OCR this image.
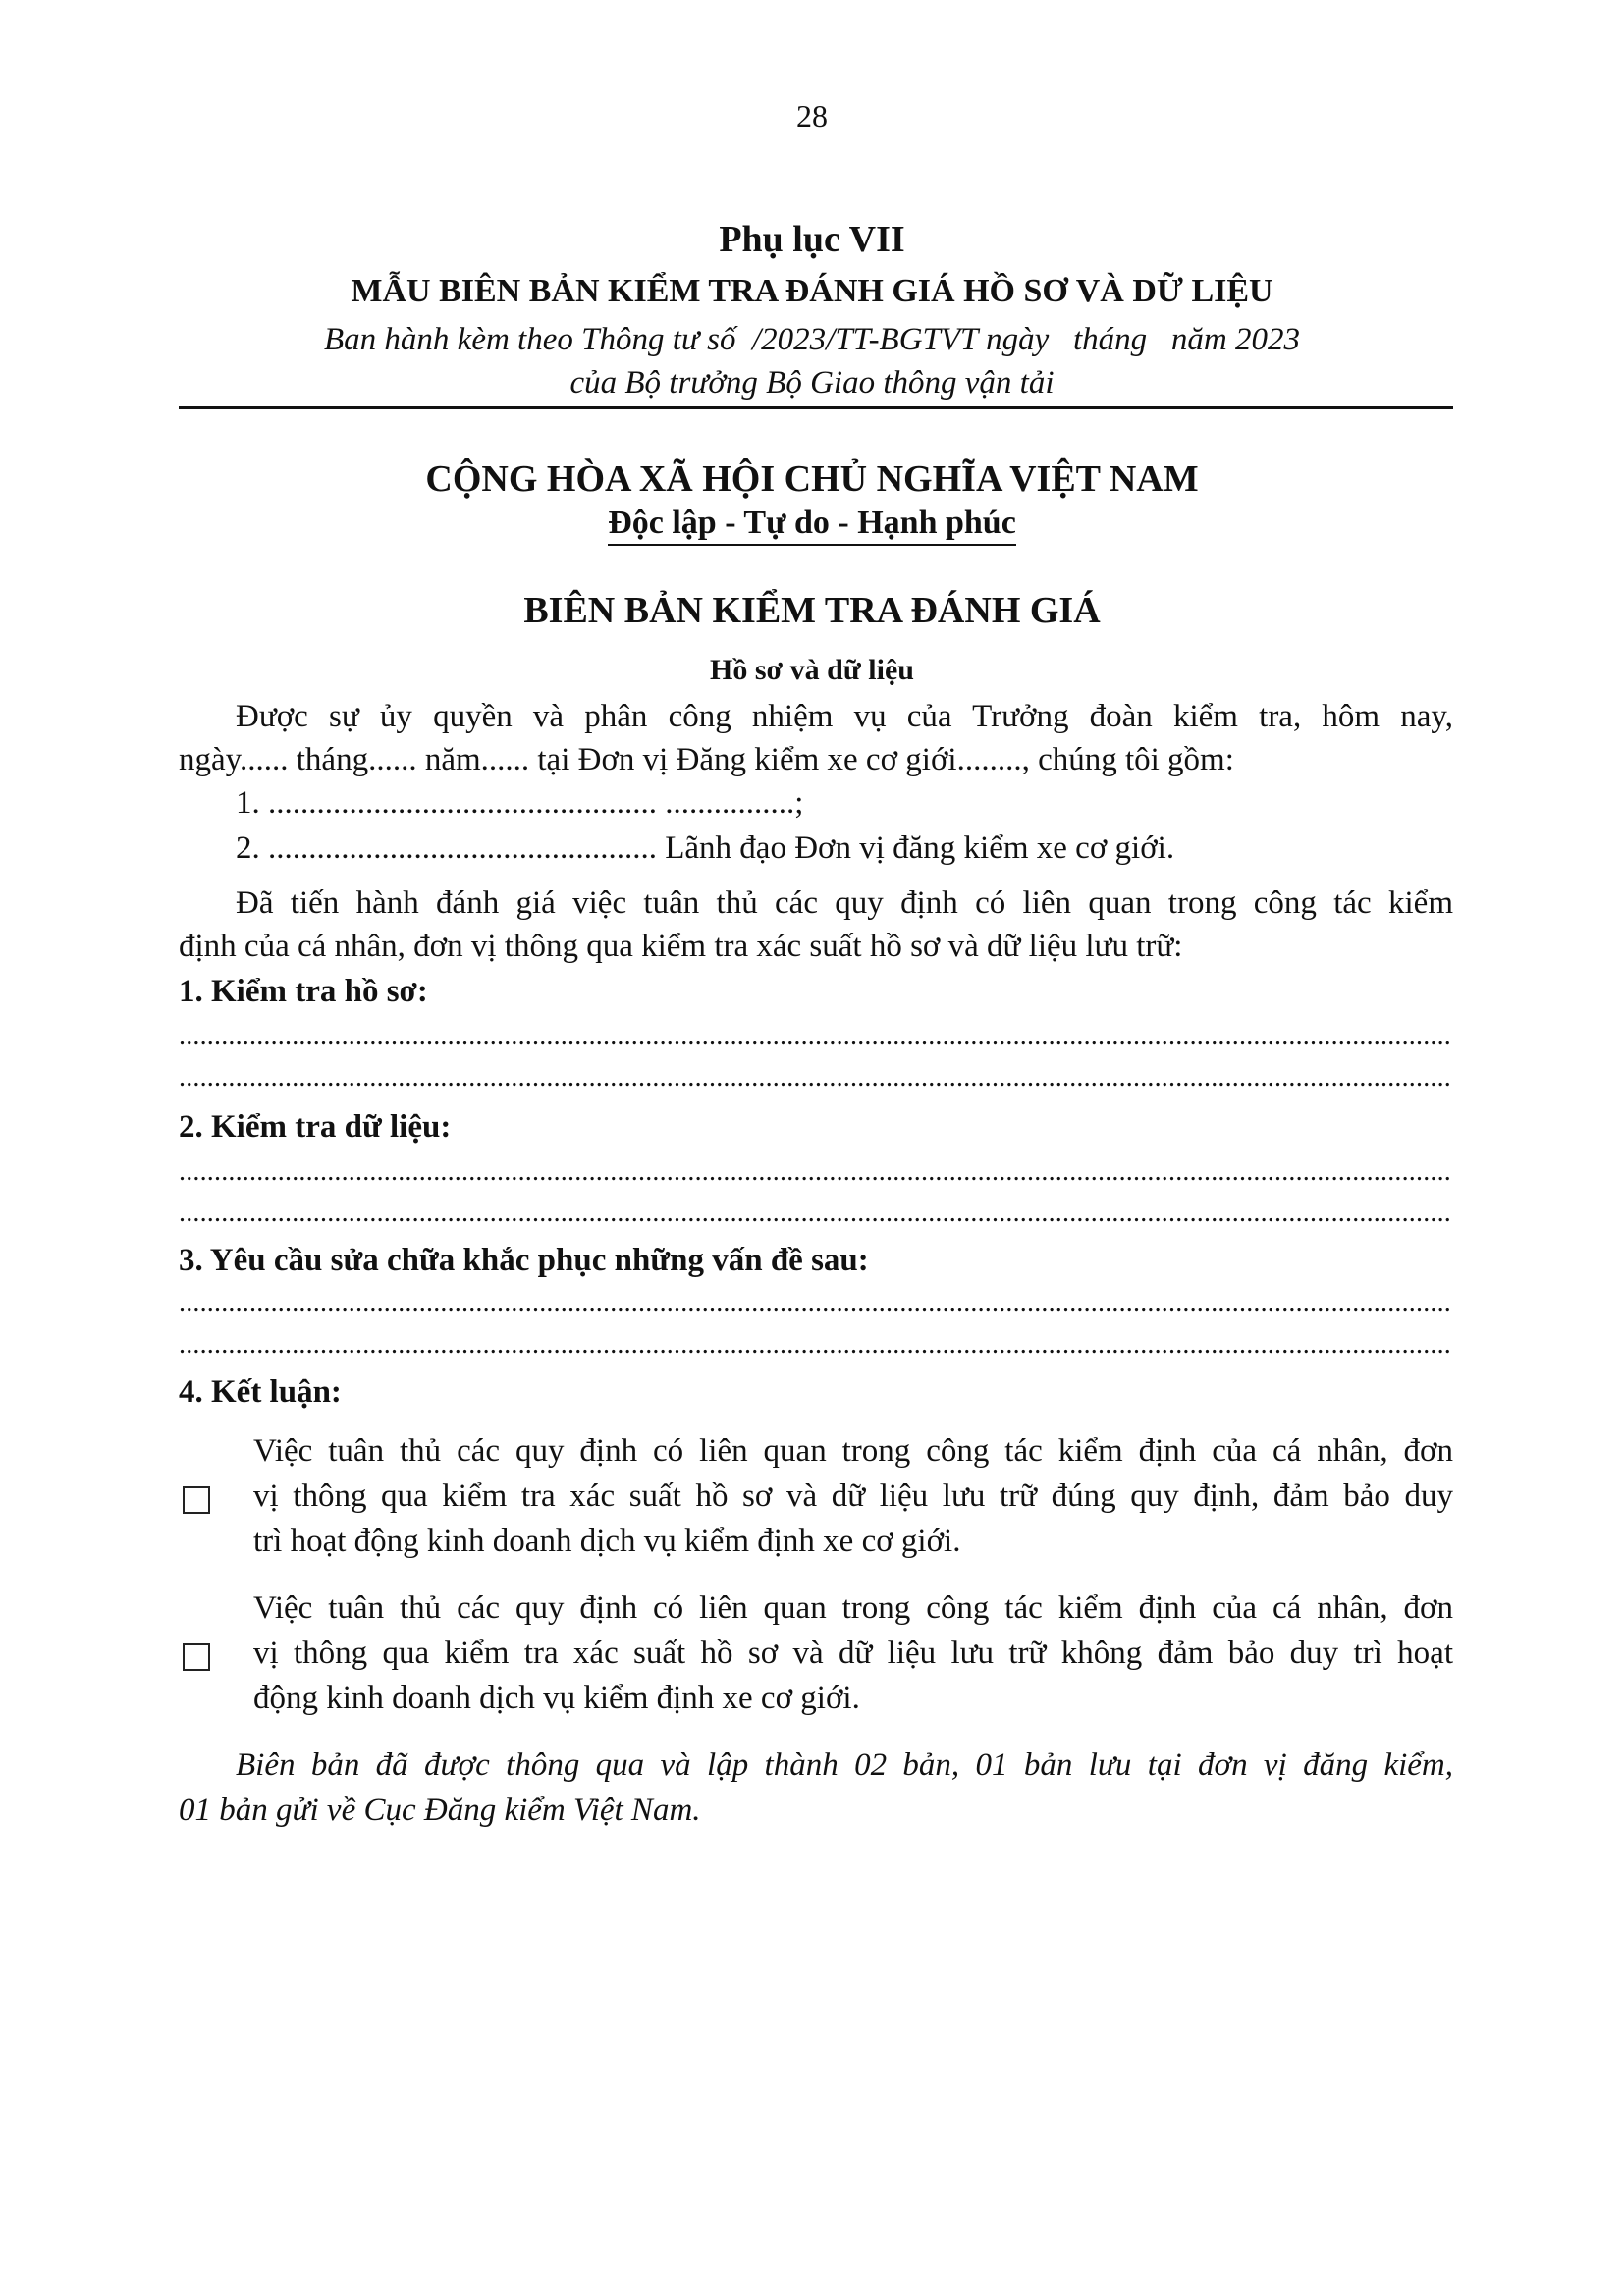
28
Phụ lục VII
MẪU BIÊN BẢN KIỂM TRA ĐÁNH GIÁ HỒ SƠ VÀ DỮ LIỆU
Ban hành kèm theo Thông tư số  /2023/TT-BGTVT ngày   tháng   năm 2023
của Bộ trưởng Bộ Giao thông vận tải
CỘNG HÒA XÃ HỘI CHỦ NGHĨA VIỆT NAM
Độc lập - Tự do - Hạnh phúc
BIÊN BẢN KIỂM TRA ĐÁNH GIÁ
Hồ sơ và dữ liệu
Được sự ủy quyền và phân công nhiệm vụ của Trưởng đoàn kiểm tra, hôm nay,
ngày...... tháng...... năm...... tại Đơn vị Đăng kiểm xe cơ giới........, chúng tôi gồm:
1. ................................................ ................;
2. ................................................ Lãnh đạo Đơn vị đăng kiểm xe cơ giới.
Đã tiến hành đánh giá việc tuân thủ các quy định có liên quan trong công tác kiểm
định của cá nhân, đơn vị thông qua kiểm tra xác suất hồ sơ và dữ liệu lưu trữ:
1. Kiểm tra hồ sơ:
....................................................................................................................................................................................
....................................................................................................................................................................................
2. Kiểm tra dữ liệu:
....................................................................................................................................................................................
....................................................................................................................................................................................
3. Yêu cầu sửa chữa khắc phục những vấn đề sau:
....................................................................................................................................................................................
....................................................................................................................................................................................
4. Kết luận:
Việc tuân thủ các quy định có liên quan trong công tác kiểm định của cá nhân, đơn
vị thông qua kiểm tra xác suất hồ sơ và dữ liệu lưu trữ đúng quy định, đảm bảo duy
trì hoạt động kinh doanh dịch vụ kiểm định xe cơ giới.
Việc tuân thủ các quy định có liên quan trong công tác kiểm định của cá nhân, đơn
vị thông qua kiểm tra xác suất hồ sơ và dữ liệu lưu trữ không đảm bảo duy trì hoạt
động kinh doanh dịch vụ kiểm định xe cơ giới.
Biên bản đã được thông qua và lập thành 02 bản, 01 bản lưu tại đơn vị đăng kiểm,
01 bản gửi về Cục Đăng kiểm Việt Nam.
